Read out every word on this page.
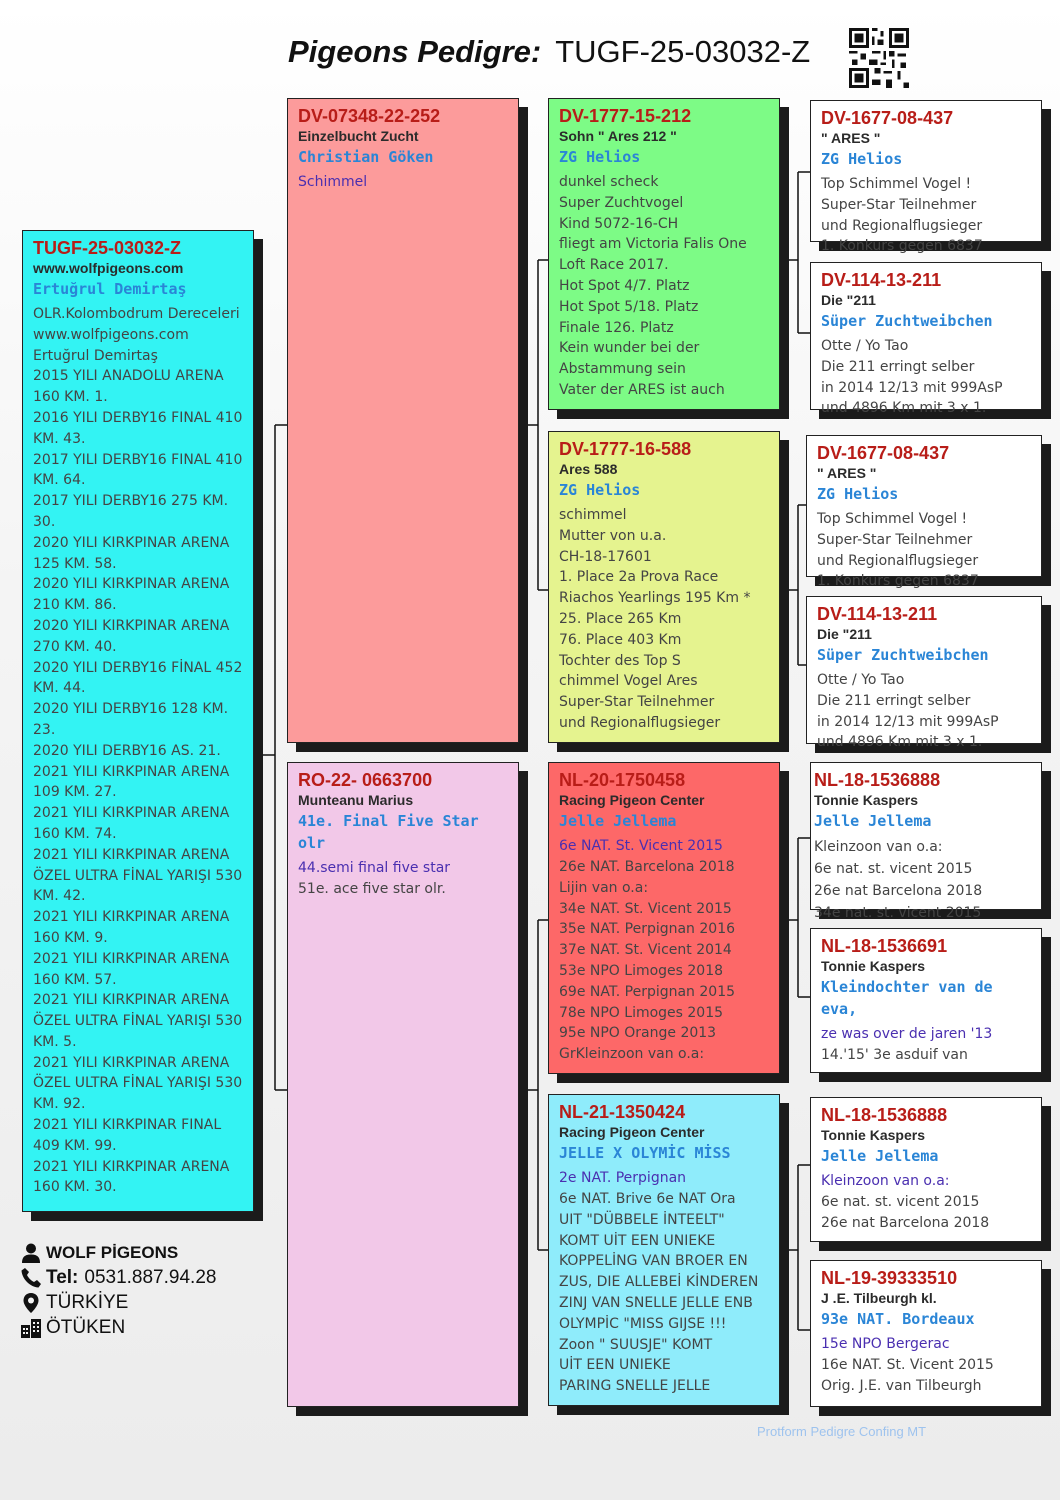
Pigeons Pedigre: TUGF-25-03032-Z
TUGF-25-03032-Z
www.wolfpigeons.com
Ertuğrul Demirtaş
OLR.Kolombodrum Dereceleri
www.wolfpigeons.com
Ertuğrul Demirtaş
2015 YILI ANADOLU ARENA
160 KM. 1.
2016 YILI DERBY16 FINAL 410
KM. 43.
2017 YILI DERBY16 FINAL 410
KM. 64.
2017 YILI DERBY16 275 KM.
30.
2020 YILI KIRKPINAR ARENA
125 KM. 58.
2020 YILI KIRKPINAR ARENA
210 KM. 86.
2020 YILI KIRKPINAR ARENA
270 KM. 40.
2020 YILI DERBY16 FİNAL 452
KM. 44.
2020 YILI DERBY16 128 KM.
23.
2020 YILI DERBY16 AS. 21.
2021 YILI KIRKPINAR ARENA
109 KM. 27.
2021 YILI KIRKPINAR ARENA
160 KM. 74.
2021 YILI KIRKPINAR ARENA
ÖZEL ULTRA FİNAL YARIŞI 530
KM. 42.
2021 YILI KIRKPINAR ARENA
160 KM. 9.
2021 YILI KIRKPINAR ARENA
160 KM. 57.
2021 YILI KIRKPINAR ARENA
ÖZEL ULTRA FİNAL YARIŞI 530
KM. 5.
2021 YILI KIRKPINAR ARENA
ÖZEL ULTRA FİNAL YARIŞI 530
KM. 92.
2021 YILI KIRKPINAR FINAL
409 KM. 99.
2021 YILI KIRKPINAR ARENA
160 KM. 30.
DV-07348-22-252
Einzelbucht Zucht
Christian Göken
Schimmel
RO-22- 0663700
Munteanu Marius
41e. Final Five Star olr
44.semi final five star
51e. ace five star olr.
DV-1777-15-212
Sohn " Ares 212 "
ZG Helios
dunkel scheck
Super Zuchtvogel
Kind 5072-16-CH
fliegt am Victoria Falis One
Loft Race 2017.
Hot Spot 4/7. Platz
Hot Spot 5/18. Platz
Finale 126. Platz
Kein wunder bei der
Abstammung sein
Vater der ARES ist auch
DV-1777-16-588
Ares 588
ZG Helios
schimmel
Mutter von u.a.
CH-18-17601
1. Place 2a Prova Race
Riachos Yearlings 195 Km *
25. Place 265 Km
76. Place 403 Km
Tochter des Top S
chimmel Vogel Ares
Super-Star Teilnehmer
und Regionalflugsieger
NL-20-1750458
Racing Pigeon Center
Jelle Jellema
6e NAT. St. Vicent 2015
26e NAT. Barcelona 2018
Lijin van o.a:
34e NAT. St. Vicent 2015
35e NAT. Perpignan 2016
37e NAT. St. Vicent 2014
53e NPO Limoges 2018
69e NAT. Perpignan 2015
78e NPO Limoges 2015
95e NPO Orange 2013
GrKleinzoon van o.a:
NL-21-1350424
Racing Pigeon Center
JELLE X OLYMİC MİSS
2e NAT. Perpignan
6e NAT. Brive 6e NAT Ora
UIT "DÜBBELE İNTEELT"
KOMT UİT EEN UNIEKE
KOPPELİNG VAN BROER EN
ZUS, DIE ALLEBEİ KİNDEREN
ZINJ VAN SNELLE JELLE ENB
OLYMPİC "MISS GIJSE !!!
Zoon " SUUSJE" KOMT
UİT EEN UNIEKE
PARING SNELLE JELLE
DV-1677-08-437
" ARES "
ZG Helios
Top Schimmel Vogel !
Super-Star Teilnehmer
und Regionalflugsieger
1. Konkurs gegen 6837
DV-114-13-211
Die "211
Süper Zuchtweibchen
Otte / Yo Tao
Die 211 erringt selber
in 2014 12/13 mit 999AsP
und 4896 Km mit 3 x 1.
DV-1677-08-437
" ARES "
ZG Helios
Top Schimmel Vogel !
Super-Star Teilnehmer
und Regionalflugsieger
1. Konkurs gegen 6837
DV-114-13-211
Die "211
Süper Zuchtweibchen
Otte / Yo Tao
Die 211 erringt selber
in 2014 12/13 mit 999AsP
und 4896 Km mit 3 x 1.
NL-18-1536888
Tonnie Kaspers
Jelle Jellema
Kleinzoon van o.a:
6e nat. st. vicent 2015
26e nat Barcelona 2018
34e nat. st. vicent 2015
NL-18-1536691
Tonnie Kaspers
Kleindochter van de eva,
ze was over de jaren '13
14.'15' 3e asduif van
NL-18-1536888
Tonnie Kaspers
Jelle Jellema
Kleinzoon van o.a:
6e nat. st. vicent 2015
26e nat Barcelona 2018
NL-19-39333510
J .E. Tilbeurgh kl.
93e NAT. Bordeaux
15e NPO Bergerac
16e NAT. St. Vicent 2015
Orig. J.E. van Tilbeurgh
WOLF PİGEONS
Tel: 0531.887.94.28
TÜRKİYE
ÖTÜKEN
Protform Pedigre Confing MT
